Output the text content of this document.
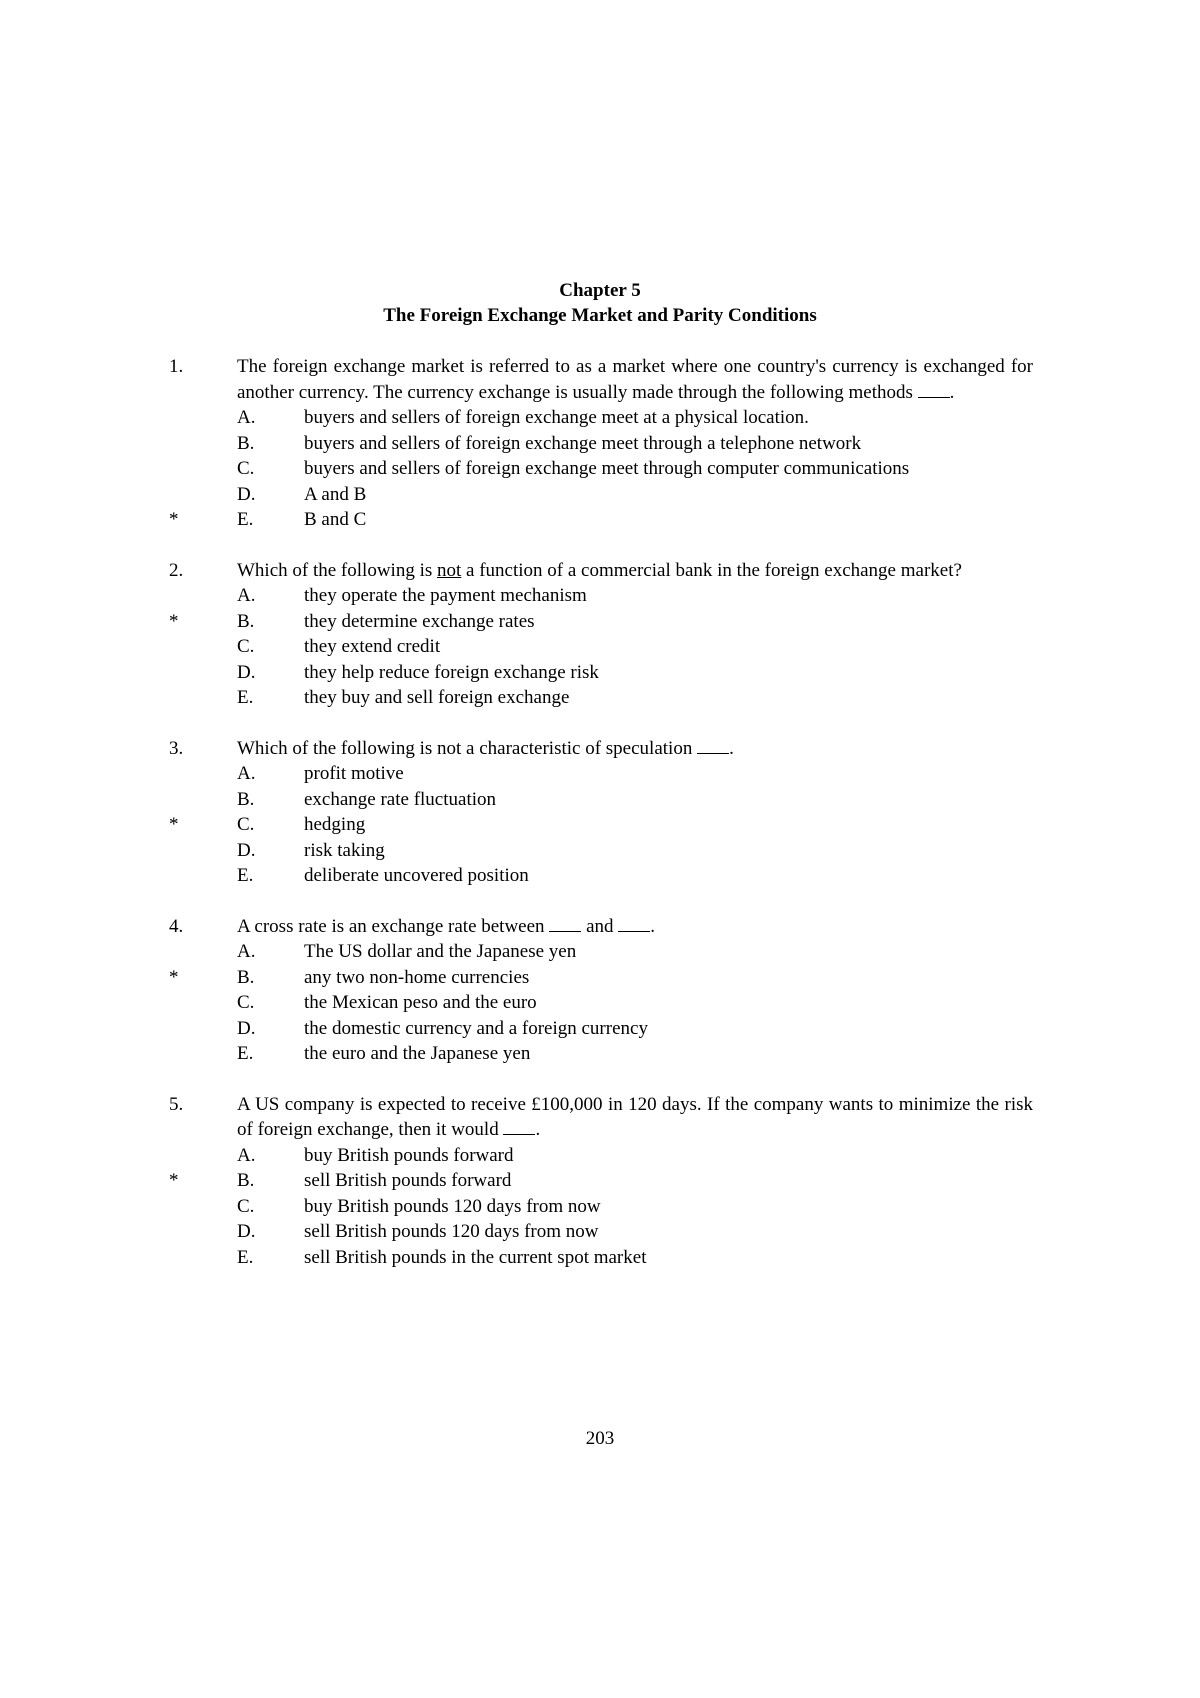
Chapter 5
The Foreign Exchange Market and Parity Conditions
1.	The foreign exchange market is referred to as a market where one country's currency is exchanged for another currency. The currency exchange is usually made through the following methods .
A.	buyers and sellers of foreign exchange meet at a physical location.
B.	buyers and sellers of foreign exchange meet through a telephone network
C.	buyers and sellers of foreign exchange meet through computer communications
D.	A and B
*	E.	B and C
2.	Which of the following is not a function of a commercial bank in the foreign exchange market?
A.	they operate the payment mechanism
*	B.	they determine exchange rates
C.	they extend credit
D.	they help reduce foreign exchange risk
E.	they buy and sell foreign exchange
3.	Which of the following is not a characteristic of speculation .
A.	profit motive
B.	exchange rate fluctuation
*	C.	hedging
D.	risk taking
E.	deliberate uncovered position
4.	A cross rate is an exchange rate between  and .
A.	The US dollar and the Japanese yen
*	B.	any two non-home currencies
C.	the Mexican peso and the euro
D.	the domestic currency and a foreign currency
E.	the euro and the Japanese yen
5.	A US company is expected to receive £100,000 in 120 days. If the company wants to minimize the risk of foreign exchange, then it would .
A.	buy British pounds forward
*	B.	sell British pounds forward
C.	buy British pounds 120 days from now
D.	sell British pounds 120 days from now
E.	sell British pounds in the current spot market
203
